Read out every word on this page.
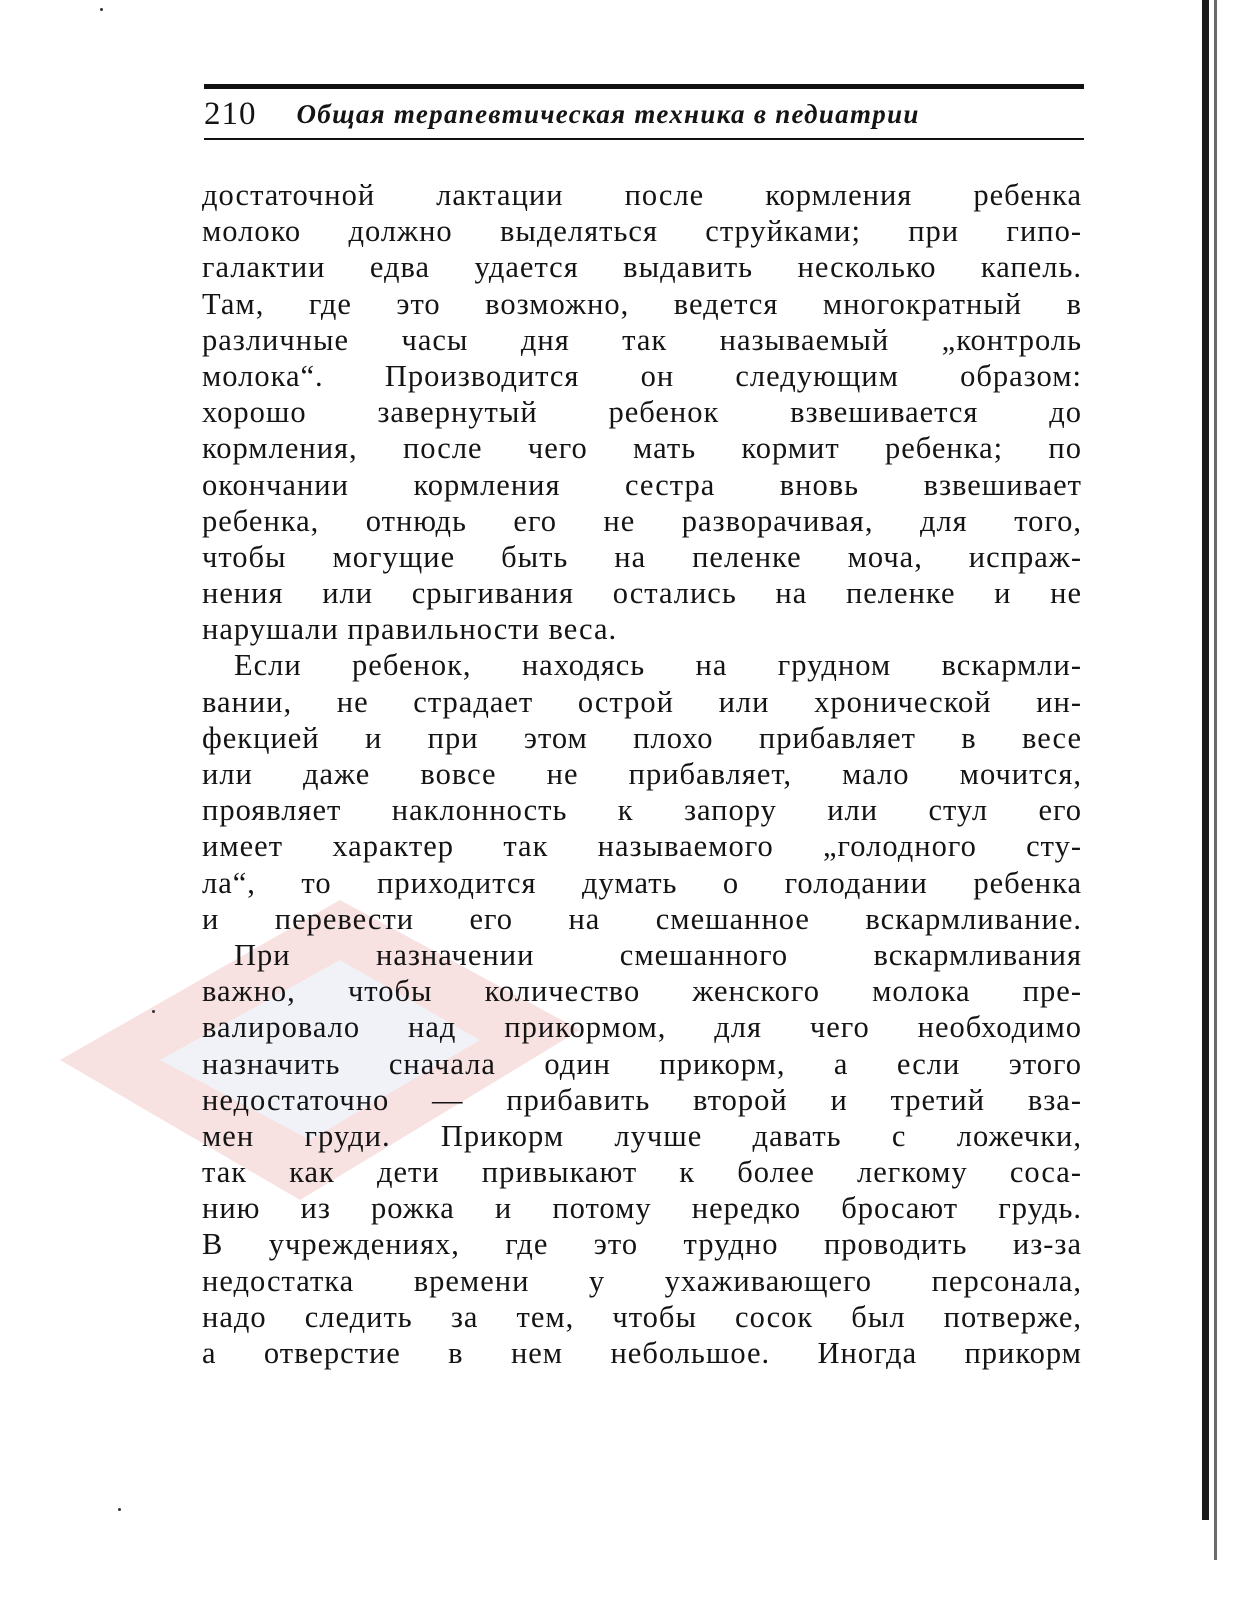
210 Общая терапевтическая техника в педиатрии
достаточной лактации после кормления ребенка
молоко должно выделяться струйками; при гипо-
галактии едва удается выдавить несколько капель.
Там, где это возможно, ведется многократный в
различные часы дня так называемый „контроль
молока“. Производится он следующим образом:
хорошо завернутый ребенок взвешивается до
кормления, после чего мать кормит ребенка; по
окончании кормления сестра вновь взвешивает
ребенка, отнюдь его не разворачивая, для того,
чтобы могущие быть на пеленке моча, испраж-
нения или срыгивания остались на пеленке и не
нарушали правильности веса.
Если ребенок, находясь на грудном вскармли-
вании, не страдает острой или хронической ин-
фекцией и при этом плохо прибавляет в весе
или даже вовсе не прибавляет, мало мочится,
проявляет наклонность к запору или стул его
имеет характер так называемого „голодного сту-
ла“, то приходится думать о голодании ребенка
и перевести его на смешанное вскармливание.
При назначении смешанного вскармливания
важно, чтобы количество женского молока пре-
валировало над прикормом, для чего необходимо
назначить сначала один прикорм, а если этого
недостаточно — прибавить второй и третий вза-
мен груди. Прикорм лучше давать с ложечки,
так как дети привыкают к более легкому соса-
нию из рожка и потому нередко бросают грудь.
В учреждениях, где это трудно проводить из-за
недостатка времени у ухаживающего персонала,
надо следить за тем, чтобы сосок был потверже,
а отверстие в нем небольшое. Иногда прикорм
